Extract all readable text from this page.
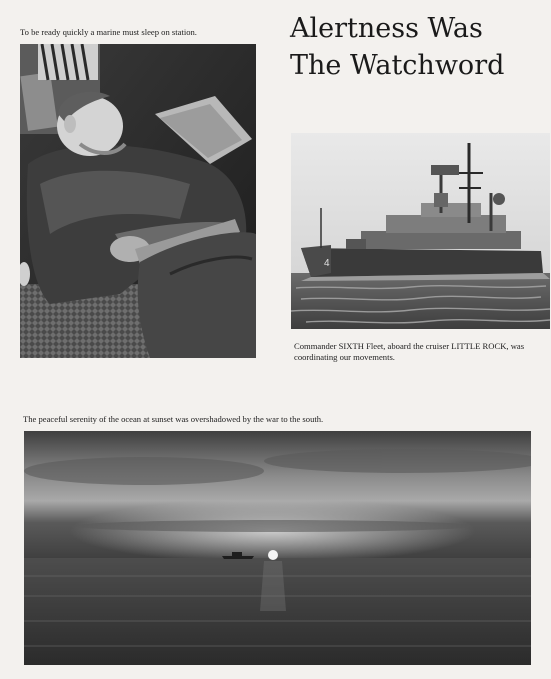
To be ready quickly a marine must sleep on station.	Alertness Was
The Watchword
4
Commander SIXTH Fleet, aboard the cruiser LITTLE ROCK, was coordinating our movements.
The peaceful serenity of the ocean at sunset was overshadowed by the war to the south.
